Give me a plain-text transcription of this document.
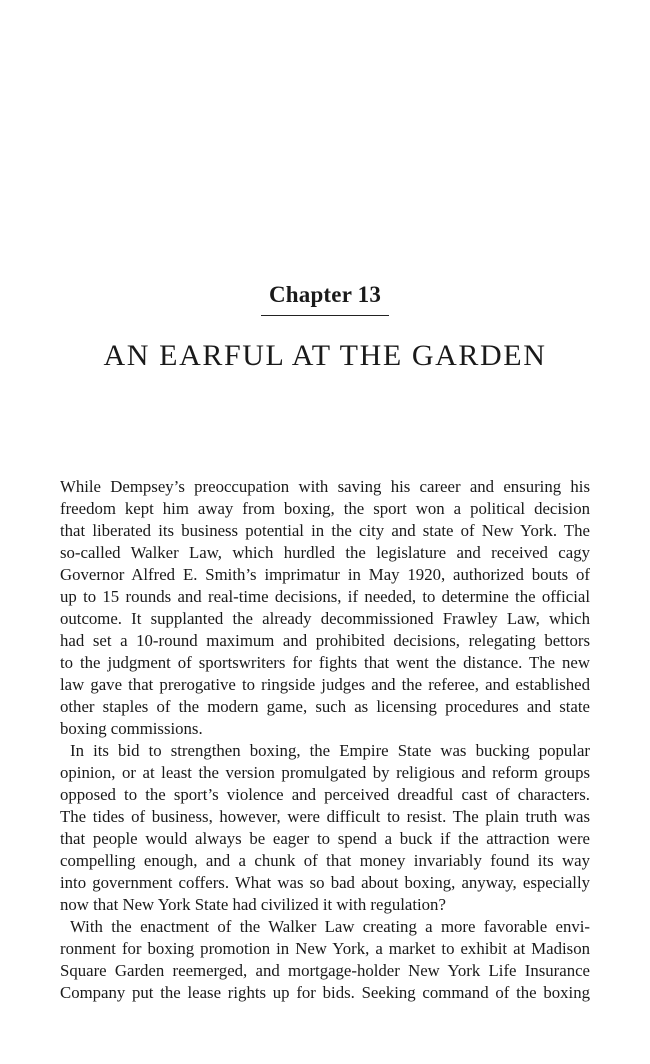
Chapter 13
AN EARFUL AT THE GARDEN
While Dempsey’s preoccupation with saving his career and ensuring his
freedom kept him away from boxing, the sport won a political decision
that liberated its business potential in the city and state of New York. The
so-called Walker Law, which hurdled the legislature and received cagy
Governor Alfred E. Smith’s imprimatur in May 1920, authorized bouts of
up to 15 rounds and real-time decisions, if needed, to determine the official
outcome. It supplanted the already decommissioned Frawley Law, which
had set a 10-round maximum and prohibited decisions, relegating bettors
to the judgment of sportswriters for fights that went the distance. The new
law gave that prerogative to ringside judges and the referee, and established
other staples of the modern game, such as licensing procedures and state
boxing commissions.
In its bid to strengthen boxing, the Empire State was bucking popular
opinion, or at least the version promulgated by religious and reform groups
opposed to the sport’s violence and perceived dreadful cast of characters.
The tides of business, however, were difficult to resist. The plain truth was
that people would always be eager to spend a buck if the attraction were
compelling enough, and a chunk of that money invariably found its way
into government coffers. What was so bad about boxing, anyway, especially
now that New York State had civilized it with regulation?
With the enactment of the Walker Law creating a more favorable envi-
ronment for boxing promotion in New York, a market to exhibit at Madison
Square Garden reemerged, and mortgage-holder New York Life Insurance
Company put the lease rights up for bids. Seeking command of the boxing
